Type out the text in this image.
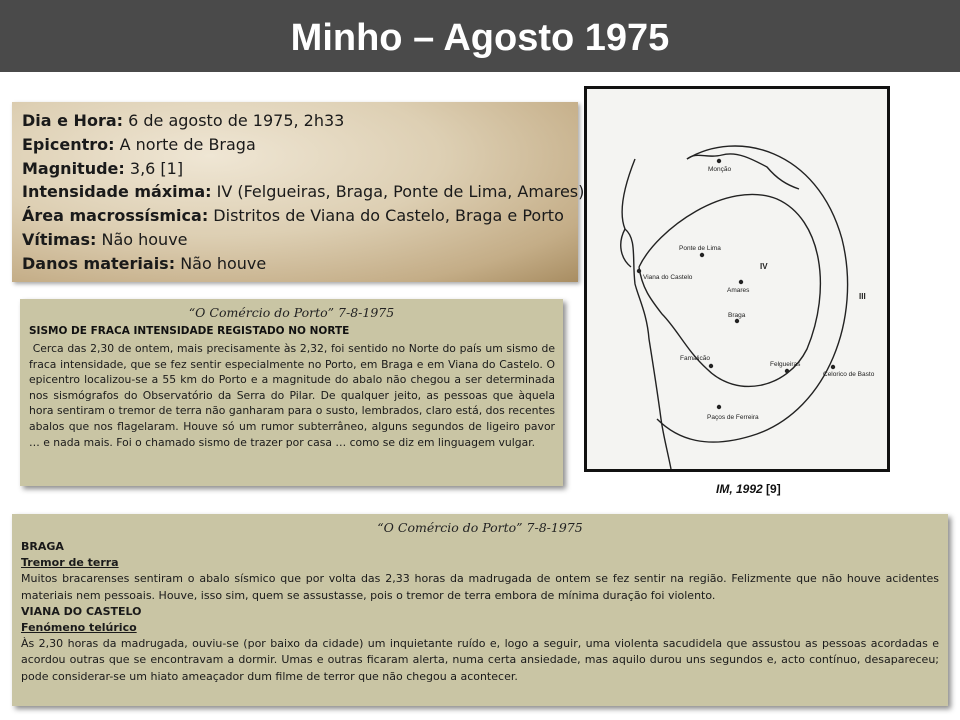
Minho – Agosto 1975
Dia e Hora: 6 de agosto de 1975, 2h33
Epicentro: A norte de Braga
Magnitude: 3,6 [1]
Intensidade máxima: IV (Felgueiras, Braga, Ponte de Lima, Amares)
Área macrossísmica: Distritos de Viana do Castelo, Braga e Porto
Vítimas: Não houve
Danos materiais: Não houve
“O Comércio do Porto” 7-8-1975
SISMO DE FRACA INTENSIDADE REGISTADO NO NORTE
Cerca das 2,30 de ontem, mais precisamente às 2,32, foi sentido no Norte do país um sismo de fraca intensidade, que se fez sentir especialmente no Porto, em Braga e em Viana do Castelo. O epicentro localizou-se a 55 km do Porto e a magnitude do abalo não chegou a ser determinada nos sismógrafos do Observatório da Serra do Pilar. De qualquer jeito, as pessoas que àquela hora sentiram o tremor de terra não ganharam para o susto, lembrados, claro está, dos recentes abalos que nos flagelaram. Houve só um rumor subterrâneo, alguns segundos de ligeiro pavor … e nada mais. Foi o chamado sismo de trazer por casa … como se diz em linguagem vulgar.
Monção
Ponte de Lima
Viana do Castelo
Amares
Braga
Famalicão
Felgueiras
Celorico de Basto
Paços de Ferreira
IV
III
IM, 1992 [9]
“O Comércio do Porto” 7-8-1975
BRAGA
Tremor de terra
Muitos bracarenses sentiram o abalo sísmico que por volta das 2,33 horas da madrugada de ontem se fez sentir na região. Felizmente que não houve acidentes materiais nem pessoais. Houve, isso sim, quem se assustasse, pois o tremor de terra embora de mínima duração foi violento.
VIANA DO CASTELO
Fenómeno telúrico
Às 2,30 horas da madrugada, ouviu-se (por baixo da cidade) um inquietante ruído e, logo a seguir, uma violenta sacudidela que assustou as pessoas acordadas e acordou outras que se encontravam a dormir. Umas e outras ficaram alerta, numa certa ansiedade, mas aquilo durou uns segundos e, acto contínuo, desapareceu; pode considerar-se um hiato ameaçador dum filme de terror que não chegou a acontecer.
